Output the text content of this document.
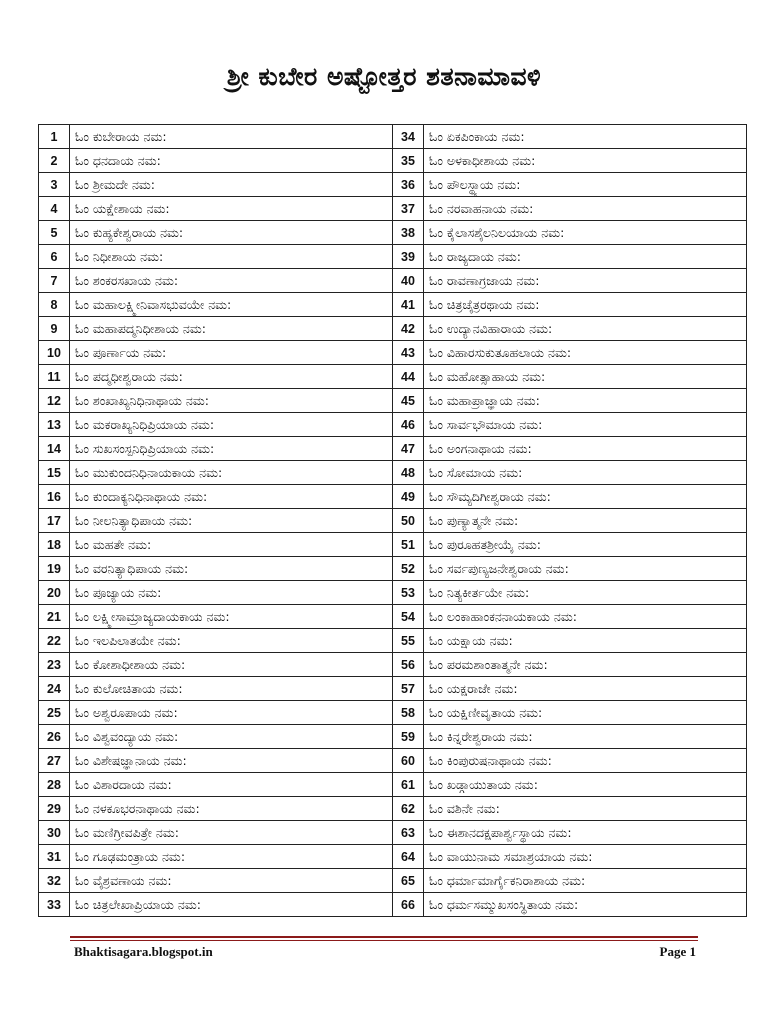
ಶ್ರೀ ಕುಬೇರ ಅಷ್ಟೋತ್ತರ ಶತನಾಮಾವಳಿ
1	ಓಂ ಕುಬೇರಾಯ ನಮ:	34	ಓಂ ಏಕಪಿಂಕಾಯ ನಮ:
2	ಓಂ ಧನದಾಯ ನಮ:	35	ಓಂ ಅಳಕಾಧೀಶಾಯ ನಮ:
3	ಓಂ ಶ್ರೀಮದೇ ನಮ:	36	ಓಂ ಪೌಲಸ್ಥ್ಯಾಯ ನಮ:
4	ಓಂ ಯಕ್ಷೇಶಾಯ ನಮ:	37	ಓಂ ನರವಾಹನಾಯ ನಮ:
5	ಓಂ ಕುಹ್ಯಕೇಶ್ವರಾಯ ನಮ:	38	ಓಂ ಕೈಲಾಸಶೈಲನಿಲಯಾಯ ನಮ:
6	ಓಂ ನಿಧೀಶಾಯ ನಮ:	39	ಓಂ ರಾಜ್ಯದಾಯ ನಮ:
7	ಓಂ ಶಂಕರಸಖಾಯ ನಮ:	40	ಓಂ ರಾವಣಾಗ್ರಜಾಯ ನಮ:
8	ಓಂ ಮಹಾಲಕ್ಷ್ಮೀನಿವಾಸಭುವಯೇ ನಮ:	41	ಓಂ ಚಿತ್ರಚೈತ್ರರಥಾಯ ನಮ:
9	ಓಂ ಮಹಾಪದ್ಮನಿಧೀಶಾಯ ನಮ:	42	ಓಂ ಉದ್ಯಾನವಿಹಾರಾಯ ನಮ:
10	ಓಂ ಪೂರ್ಣಾಯ ನಮ:	43	ಓಂ ವಿಹಾರಸುಕುತೂಹಲಾಯ ನಮ:
11	ಓಂ ಪದ್ಮಧೀಶ್ವರಾಯ ನಮ:	44	ಓಂ ಮಹೋತ್ಸಾಹಾಯ ನಮ:
12	ಓಂ ಶಂಖಾಖ್ಯನಿಧಿನಾಥಾಯ ನಮ:	45	ಓಂ ಮಹಾಪ್ರಾಜ್ಞಾಯ ನಮ:
13	ಓಂ ಮಕರಾಖ್ಯನಿಧಿಪ್ರಿಯಾಯ ನಮ:	46	ಓಂ ಸಾರ್ವಭೌಮಾಯ ನಮ:
14	ಓಂ ಸುಖಸಂಸ್ಪನಿಧಿಪ್ರಿಯಾಯ ನಮ:	47	ಓಂ ಅಂಗನಾಥಾಯ ನಮ:
15	ಓಂ ಮುಕುಂದನಿಧಿನಾಯಕಾಯ ನಮ:	48	ಓಂ ಸೋಮಾಯ ನಮ:
16	ಓಂ ಕುಂದಾಕ್ಯನಿಧಿನಾಥಾಯ ನಮ:	49	ಓಂ ಸೌಮ್ಯದಿಗೀಶ್ವರಾಯ ನಮ:
17	ಓಂ ನೀಲನಿತ್ಯಾಧಿಪಾಯ ನಮ:	50	ಓಂ ಪುಣ್ಯಾತ್ಮನೇ ನಮ:
18	ಓಂ ಮಹತೇ ನಮ:	51	ಓಂ ಪುರೂಹತಶ್ರೀಯೈ ನಮ:
19	ಓಂ ವರನಿತ್ಯಾಧಿಪಾಯ ನಮ:	52	ಓಂ ಸರ್ವಪುಣ್ಯಜನೇಶ್ವರಾಯ ನಮ:
20	ಓಂ ಪೂಜ್ಯಾಯ ನಮ:	53	ಓಂ ನಿತ್ಯಕೀರ್ತಯೇ ನಮ:
21	ಓಂ ಲಕ್ಷ್ಮೀಸಾಮ್ರಾಜ್ಯದಾಯಕಾಯ ನಮ:	54	ಓಂ ಲಂಕಾಹಾಂಕನನಾಯಕಾಯ ನಮ:
22	ಓಂ ಇಲಪಿಲಾತಯೇ ನಮ:	55	ಓಂ ಯಕ್ಷಾಯ ನಮ:
23	ಓಂ ಕೋಶಾಧೀಶಾಯ ನಮ:	56	ಓಂ ಪರಮಶಾಂತಾತ್ಮನೇ ನಮ:
24	ಓಂ ಕುಲೋಚಿತಾಯ ನಮ:	57	ಓಂ ಯಕ್ಷರಾಜೇ ನಮ:
25	ಓಂ ಅಶ್ವರೂಪಾಯ ನಮ:	58	ಓಂ ಯಕ್ಷಿಣೀವೃತಾಯ ನಮ:
26	ಓಂ ವಿಶ್ವವಂದ್ಯಾಯ ನಮ:	59	ಓಂ ಕಿನ್ನರೇಶ್ವರಾಯ ನಮ:
27	ಓಂ ವಿಶೇಷಜ್ಞಾನಾಯ ನಮ:	60	ಓಂ ಕಿಂಪುರುಷನಾಥಾಯ ನಮ:
28	ಓಂ ವಿಶಾರದಾಯ ನಮ:	61	ಓಂ ಖಡ್ಗಾಯುತಾಯ ನಮ:
29	ಓಂ ನಳಕೂಭರನಾಥಾಯ ನಮ:	62	ಓಂ ವಶಿನೇ ನಮ:
30	ಓಂ ಮಣಿಗ್ರೀವಪಿತ್ರೇ ನಮ:	63	ಓಂ ಈಶಾನದಕ್ಷಪಾರ್ಶ್ವಸ್ಥಾಯ ನಮ:
31	ಓಂ ಗೂಢಮಂತ್ರಾಯ ನಮ:	64	ಓಂ ವಾಯುನಾಮ ಸಮಾಶ್ರಯಾಯ ನಮ:
32	ಓಂ ವೈಶ್ರವಣಾಯ ನಮ:	65	ಓಂ ಧರ್ಮಾಮಾರ್ಗೈಕನಿರಾಶಾಯ ನಮ:
33	ಓಂ ಚಿತ್ರಲೇಖಾಪ್ರಿಯಾಯ ನಮ:	66	ಓಂ ಧರ್ಮಸಮ್ಮುಖಸಂಸ್ಥಿತಾಯ ನಮ:
Bhaktisagara.blogspot.in	Page 1
